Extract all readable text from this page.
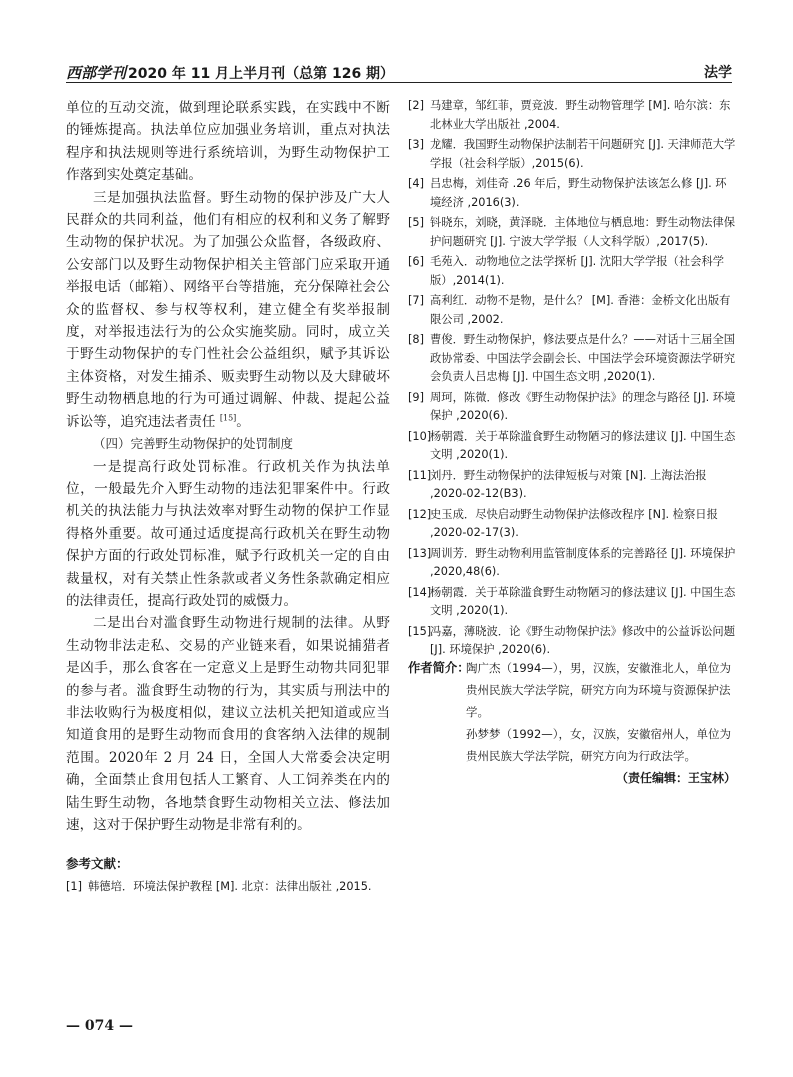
西部学刊 2020 年 11 月上半月刊（总第 126 期）	法学

单位的互动交流，做到理论联系实践，在实践中不断的锤炼提高。执法单位应加强业务培训，重点对执法程序和执法规则等进行系统培训，为野生动物保护工作落到实处奠定基础。

三是加强执法监督。野生动物的保护涉及广大人民群众的共同利益，他们有相应的权利和义务了解野生动物的保护状况。为了加强公众监督，各级政府、公安部门以及野生动物保护相关主管部门应采取开通举报电话（邮箱）、网络平台等措施，充分保障社会公众的监督权、参与权等权利，建立健全有奖举报制度，对举报违法行为的公众实施奖励。同时，成立关于野生动物保护的专门性社会公益组织，赋予其诉讼主体资格，对发生捕杀、贩卖野生动物以及大肆破坏野生动物栖息地的行为可通过调解、仲裁、提起公益诉讼等，追究违法者责任 [15]。

（四）完善野生动物保护的处罚制度

一是提高行政处罚标准。行政机关作为执法单位，一般最先介入野生动物的违法犯罪案件中。行政机关的执法能力与执法效率对野生动物的保护工作显得格外重要。故可通过适度提高行政机关在野生动物保护方面的行政处罚标准，赋予行政机关一定的自由裁量权，对有关禁止性条款或者义务性条款确定相应的法律责任，提高行政处罚的威慑力。

二是出台对滥食野生动物进行规制的法律。从野生动物非法走私、交易的产业链来看，如果说捕猎者是凶手，那么食客在一定意义上是野生动物共同犯罪的参与者。滥食野生动物的行为，其实质与刑法中的非法收购行为极度相似，建议立法机关把知道或应当知道食用的是野生动物而食用的食客纳入法律的规制范围。2020年 2 月 24 日，全国人大常委会决定明确，全面禁止食用包括人工繁育、人工饲养类在内的陆生野生动物，各地禁食野生动物相关立法、修法加速，这对于保护野生动物是非常有利的。

参考文献：
[1] 韩德培．环境法保护教程 [M]. 北京：法律出版社 ,2015.
[2] 马建章，邹红菲，贾竞波．野生动物管理学 [M]. 哈尔滨：东北林业大学出版社 ,2004.
[3] 龙耀．我国野生动物保护法制若干问题研究 [J]. 天津师范大学学报（社会科学版）,2015(6).
[4] 吕忠梅，刘佳奇 .26 年后，野生动物保护法该怎么修 [J]. 环境经济 ,2016(3).
[5] 钭晓东，刘晓，黄泽晓．主体地位与栖息地：野生动物法律保护问题研究 [J]. 宁波大学学报（人文科学版）,2017(5).
[6] 毛苑入．动物地位之法学探析 [J]. 沈阳大学学报（社会科学版）,2014(1).
[7] 高利红．动物不是物，是什么？ [M]. 香港：金桥文化出版有限公司 ,2002.
[8] 曹俊．野生动物保护，修法要点是什么？——对话十三届全国政协常委、中国法学会副会长、中国法学会环境资源法学研究会负责人吕忠梅 [J]. 中国生态文明 ,2020(1).
[9] 周珂，陈微．修改《野生动物保护法》的理念与路径 [J]. 环境保护 ,2020(6).
[10]杨朝霞．关于革除滥食野生动物陋习的修法建议 [J]. 中国生态文明 ,2020(1).
[11]刘丹．野生动物保护的法律短板与对策 [N]. 上海法治报 ,2020-02-12(B3).
[12]史玉成．尽快启动野生动物保护法修改程序 [N]. 检察日报 ,2020-02-17(3).
[13]周训芳．野生动物利用监管制度体系的完善路径 [J]. 环境保护 ,2020,48(6).
[14]杨朝霞．关于革除滥食野生动物陋习的修法建议 [J]. 中国生态文明 ,2020(1).
[15]冯嘉，薄晓波．论《野生动物保护法》修改中的公益诉讼问题 [J]. 环境保护 ,2020(6).
作者简介：
陶广杰（1994—），男，汉族，安徽淮北人，单位为贵州民族大学法学院，研究方向为环境与资源保护法学。
孙梦梦（1992—），女，汉族，安徽宿州人，单位为贵州民族大学法学院，研究方向为行政法学。
（责任编辑：王宝林）
— 074 —
